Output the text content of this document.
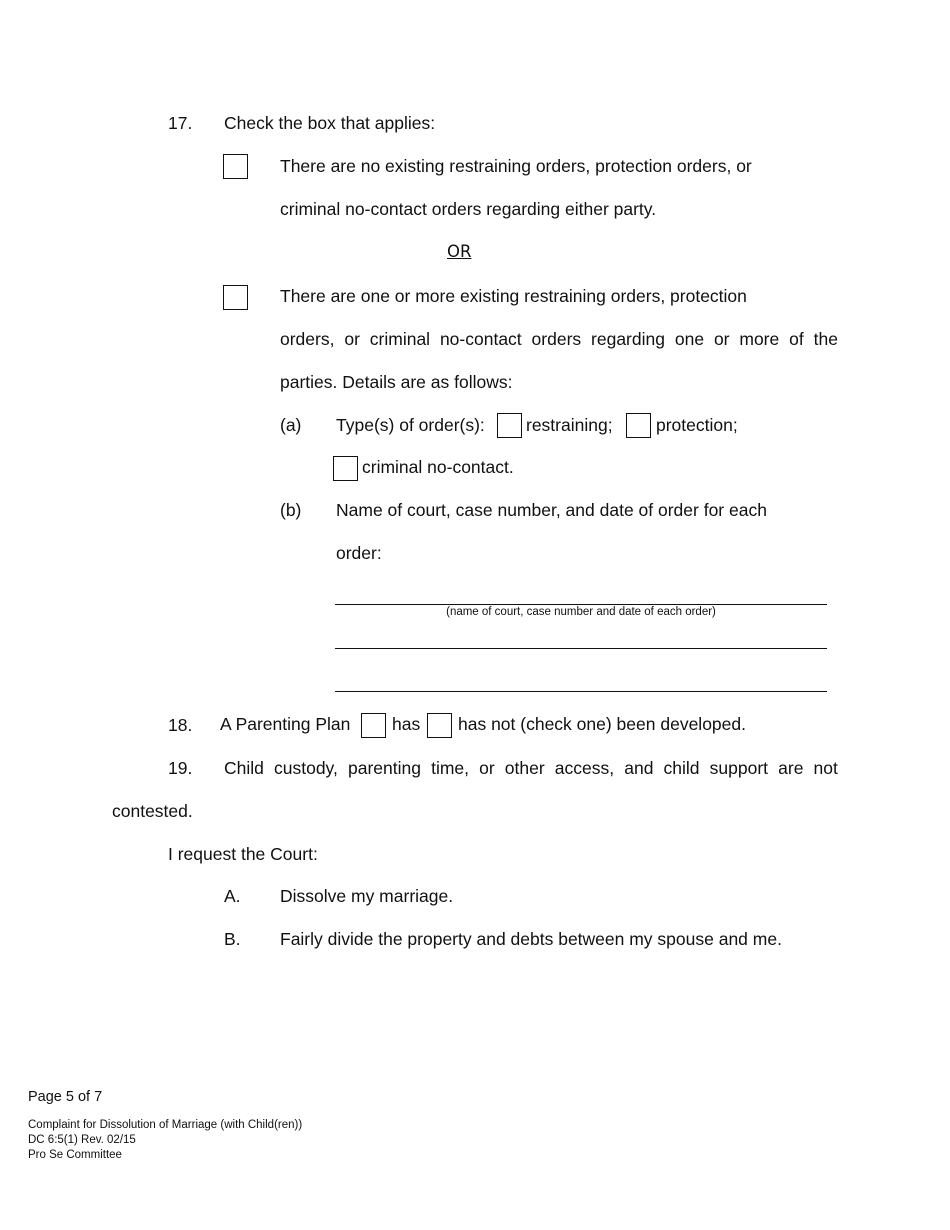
17. Check the box that applies:
There are no existing restraining orders, protection orders, or
criminal no-contact orders regarding either party.
OR
There are one or more existing restraining orders, protection
orders, or criminal no-contact orders regarding one or more of the
parties. Details are as follows:
(a) Type(s) of order(s): restraining; protection;
criminal no-contact.
(b) Name of court, case number, and date of order for each
order:
(name of court, case number and date of each order)
18. A Parenting Plan has has not (check one) been developed.
19. Child custody, parenting time, or other access, and child support are not
contested.
I request the Court:
A. Dissolve my marriage.
B. Fairly divide the property and debts between my spouse and me.
Page 5 of 7
Complaint for Dissolution of Marriage (with Child(ren))
DC 6:5(1) Rev. 02/15
Pro Se Committee
